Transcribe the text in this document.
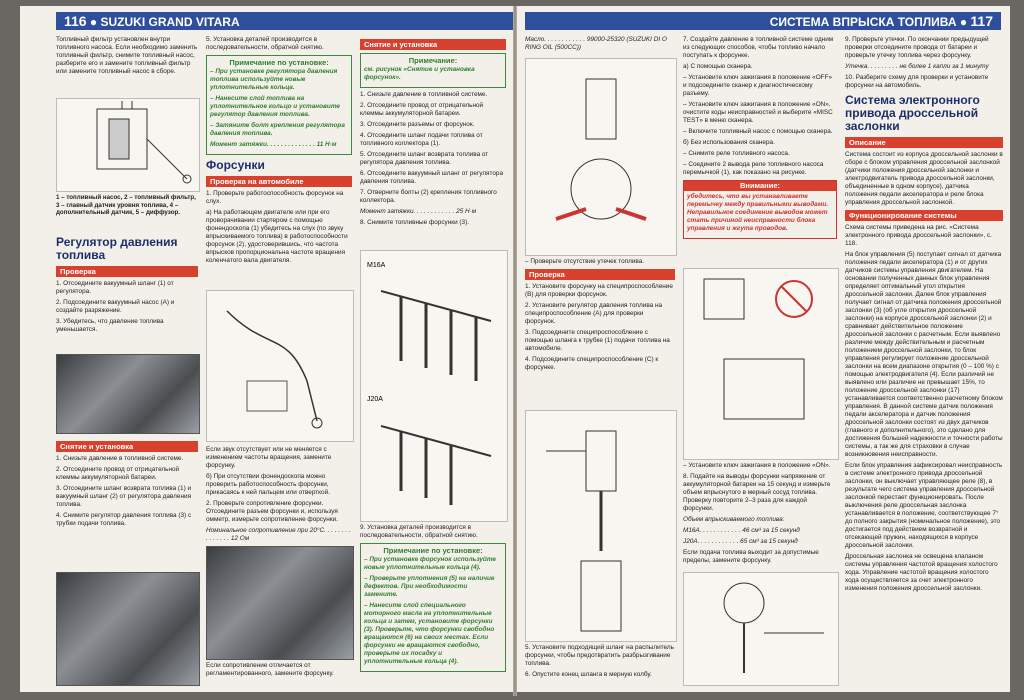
116 ● SUZUKI GRAND VITARA

Топливный фильтр установлен внутри топливного насоса. Если необходимо заменить топливный фильтр, снимите топливный насос, разберите его и замените топливный фильтр или замените топливный насос в сборе.

1 – топливный насос, 2 – топливный фильтр, 3 – главный датчик уровня топлива, 4 – дополнительный датчик, 5 – диффузор.
Регулятор давления топлива
Проверка

1. Отсоедините вакуумный шланг (1) от регулятора.

2. Подсоедините вакуумный насос (А) и создайте разряжение.

3. Убедитесь, что давление топлива уменьшается.

Снятие и установка

1. Снизьте давление в топливной системе.

2. Отсоедините провод от отрицательной клеммы аккумуляторной батареи.

3. Отсоедините шланг возврата топлива (1) и вакуумный шланг (2) от регулятора давления топлива.

4. Снимите регулятор давления топлива (3) с трубки подачи топлива.

5. Установка деталей производится в последовательности, обратной снятию.

Примечание по установке:

– При установке регулятора давления топлива используйте новые уплотнительные кольца.

– Нанесите слой топлива на уплотнительное кольцо и установите регулятор давления топлива.

– Затяните болт крепления регулятора давления топлива.

Момент затяжки. . . . . . . . . . . . . . 11 Н·м

Форсунки
Проверка на автомобиле

1. Проверьте работоспособность форсунок на слух.

а) На работающем двигателе или при его проворачивании стартером с помощью фонендоскопа (1) убедитесь на слух (по звуку впрыскиваемого топлива) в работоспособности форсунок (2), удостоверившись, что частота впрысков пропорциональна частоте вращения коленчатого вала двигателя.

Если звук отсутствует или не меняется с изменением частоты вращения, замените форсунку.

б) При отсутствии фонендоскопа можно проверить работоспособность форсунки, прикасаясь к ней пальцем или отверткой.

2. Проверьте сопротивление форсунки. Отсоедините разъем форсунки и, используя омметр, измерьте сопротивление форсунки.

Номинальное сопротивление при 20°С. . . . . . . . . . . . . . . 12 Ом

Если сопротивление отличается от регламентированного, замените форсунку.

Снятие и установка
Примечание:

см. рисунок «Снятие и установка форсунок».

1. Снизьте давление в топливной системе.

2. Отсоедините провод от отрицательной клеммы аккумуляторной батареи.

3. Отсоедините разъемы от форсунок.

4. Отсоедините шланг подачи топлива от топливного коллектора (1).

5. Отсоедините шланг возврата топлива от регулятора давления топлива.

6. Отсоедините вакуумный шланг от регулятора давления топлива.

7. Отверните болты (2) крепления топливного коллектора.

Момент затяжки. . . . . . . . . . . . 25 Н·м

8. Снимите топливные форсунки (3).

M16A
J20A

9. Установка деталей производится в последовательности, обратной снятию.

Примечание по установке:

– При установке форсунок используйте новые уплотнительные кольца (4).

– Проверьте уплотнения (5) на наличие дефектов. При необходимости замените.

– Нанесите слой специального моторного масла на уплотнительные кольца и затем, установите форсунки (3). Проверьте, что форсунки свободно вращаются (6) на своих местах. Если форсунки не вращаются свободно, проверьте их посадку и уплотнительные кольца (4).

СИСТЕМА ВПРЫСКА ТОПЛИВА ● 117

Масло. . . . . . . . . . . . 99000-25320 (SUZUKI DI O RING OIL (500CC))

– Проверьте отсутствие утечек топлива.

Проверка

1. Установите форсунку на специпроспособление (В) для проверки форсунок.

2. Установите регулятор давления топлива на специпроспособление (А) для проверки форсунок.

3. Подсоедините специпроспособление с помощью шланга к трубке (1) подачи топлива на автомобиле.

4. Подсоедините специпроспособление (С) к форсунке.

5. Установите подходящий шланг на распылитель форсунки, чтобы предотвратить разбрызгивание топлива.

6. Опустите конец шланга в мерную колбу.

7. Создайте давление в топливной системе одним из следующих способов, чтобы топливо начало поступать к форсунке.

а) С помощью сканера.

– Установите ключ зажигания в положение «OFF» и подсоедините сканер к диагностическому разъему.

– Установите ключ зажигания в положение «ON», очистите коды неисправностей и выберите «MISC TEST» в меню сканера.

– Включите топливный насос с помощью сканера.

б) Без использования сканера.

– Снимите реле топливного насоса.

– Соедините 2 вывода реле топливного насоса перемычкой (1), как показано на рисунке.

Внимание:

убедитесь, что вы устанавливаете перемычку между правильными выводами. Неправильное соединение выводов может стать причиной неисправности блока управления и жгута проводов.

– Установите ключ зажигания в положение «ON».

8. Подайте на выводы форсунки напряжение от аккумуляторной батареи на 15 секунд и измерьте объем впрыснутого в мерный сосуд топлива. Проверку повторите 2–3 раза для каждой форсунки.

Объем впрыскиваемого топлива:

M16A. . . . . . . . . . . . 46 см³ за 15 секунд

J20A. . . . . . . . . . . . 65 см³ за 15 секунд

Если подача топлива выходит за допустимые пределы, замените форсунку.

9. Проверьте утечки. По окончании предыдущей проверки отсоедините провода от батареи и проверьте утечку топлива через форсунку.

Утечка. . . . . . . . . не более 1 капли за 1 минуту

10. Разберите схему для проверки и установите форсунки на автомобиль.

Система электронного привода дроссельной заслонки
Описание

Система состоит из корпуса дроссельной заслонки в сборе с блоком управления дроссельной заслонкой (датчики положения дроссельной заслонки и электродвигатель привода дроссельной заслонки, объединенные в одном корпусе), датчика положения педали акселератора и реле блока управления дроссельной заслонкой.

Функционирование системы

Схема системы приведена на рис. «Система электронного привода дроссельной заслонки», с. 118.

На блок управления (5) поступает сигнал от датчика положения педали акселератора (1) и от других датчиков системы управления двигателем. На основании полученных данных блок управления определяет оптимальный угол открытия дроссельной заслонки. Далее блок управления получает сигнал от датчика положения дроссельной заслонки (3) (об угле открытия дроссельной заслонки) на корпусе дроссельной заслонки (2) и сравнивает действительное положение дроссельной заслонки с расчетным. Если выявлено различие между действительным и расчетным положением дроссельной заслонки, то блок управления регулирует положение дроссельной заслонки на всем диапазоне открытия (0 – 100 %) с помощью электродвигателя (4). Если различий не выявлено или различие не превышает 15%, то положение дроссельной заслонки (17) устанавливается соответственно расчетному блоком управления. В данной системе датчик положения педали акселератора и датчик положения дроссельной заслонки состоят из двух датчиков (главного и дополнительного), это сделано для достижения большей надежности и точности работы системы, а так же для страховки в случае возникновения неисправности.

Если блок управления зафиксировал неисправность в системе электронного привода дроссельной заслонки, он выключает управляющее реле (8), в результате чего система управления дроссельной заслонкой перестает функционировать. После выключения реле дроссельная заслонка устанавливается в положение, соответствующее 7° до полного закрытия (номинальное положение), это достигается под действием возвратной и отсекающей пружин, находящихся в корпусе дроссельной заслонки.

Дроссельная заслонка не освещена клапаном системы управления частотой вращения холостого хода. Управление частотой вращения холостого хода осуществляется за счет электронного изменения положения дроссельной заслонки.
